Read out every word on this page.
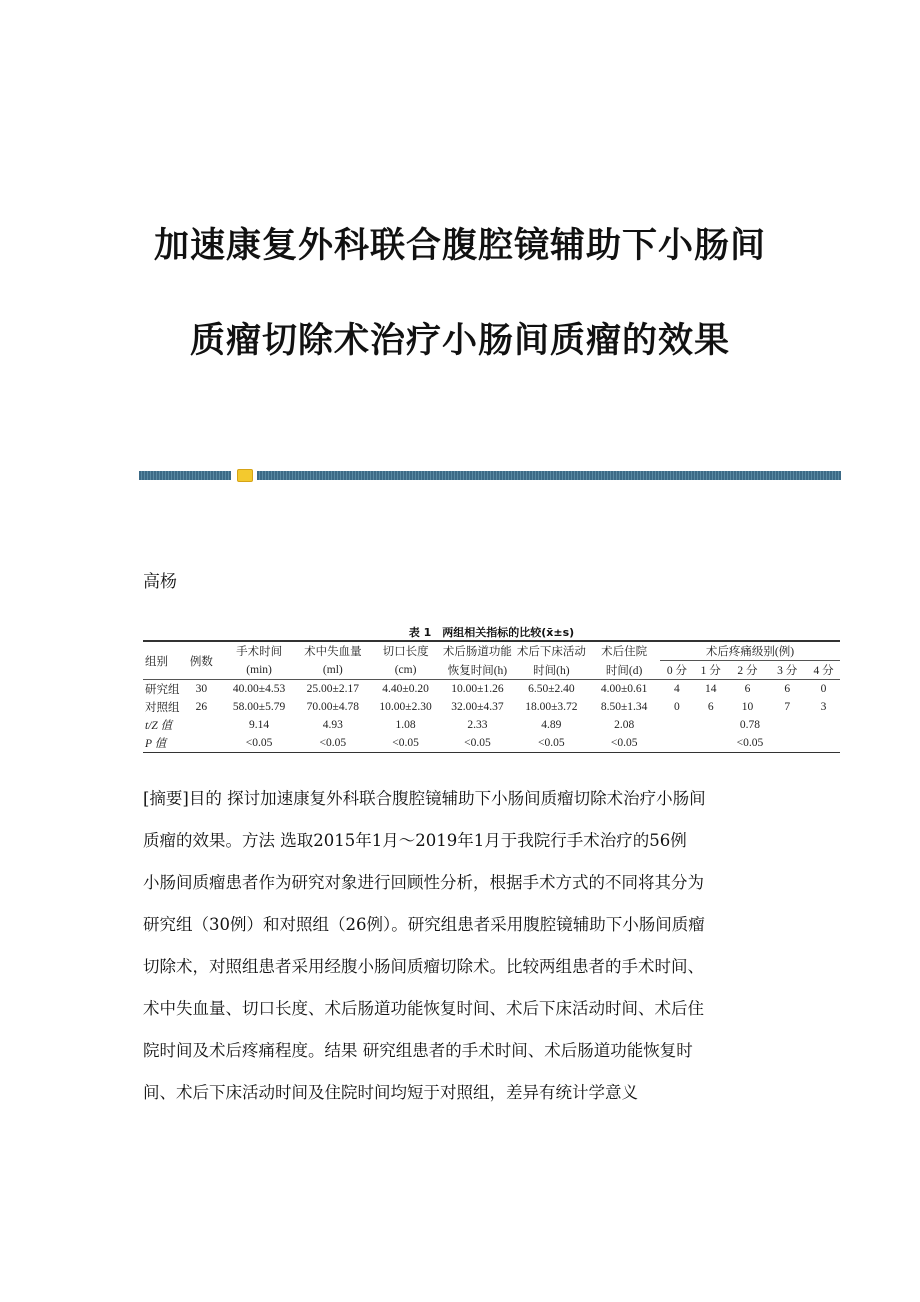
加速康复外科联合腹腔镜辅助下小肠间
质瘤切除术治疗小肠间质瘤的效果
高杨
表 1　两组相关指标的比较(x̄±s)
组别	例数	手术时间	术中失血量	切口长度	术后肠道功能	术后下床活动	术后住院	术后疼痛级别(例)				
		(min)	(ml)	(cm)	恢复时间(h)	时间(h)	时间(d)	0 分	1 分	2 分	3 分	4 分
研究组	30	40.00±4.53	25.00±2.17	4.40±0.20	10.00±1.26	6.50±2.40	4.00±0.61	4	14	6	6	0
对照组	26	58.00±5.79	70.00±4.78	10.00±2.30	32.00±4.37	18.00±3.72	8.50±1.34	0	6	10	7	3
t/Z 值		9.14	4.93	1.08	2.33	4.89	2.08	0.78				
P 值		<0.05	<0.05	<0.05	<0.05	<0.05	<0.05	<0.05				
[摘要]目的 探讨加速康复外科联合腹腔镜辅助下小肠间质瘤切除术治疗小肠间
质瘤的效果。方法 选取2015年1月～2019年1月于我院行手术治疗的56例
小肠间质瘤患者作为研究对象进行回顾性分析，根据手术方式的不同将其分为
研究组（30例）和对照组（26例）。研究组患者采用腹腔镜辅助下小肠间质瘤
切除术，对照组患者采用经腹小肠间质瘤切除术。比较两组患者的手术时间、
术中失血量、切口长度、术后肠道功能恢复时间、术后下床活动时间、术后住
院时间及术后疼痛程度。结果 研究组患者的手术时间、术后肠道功能恢复时
间、术后下床活动时间及住院时间均短于对照组，差异有统计学意义
